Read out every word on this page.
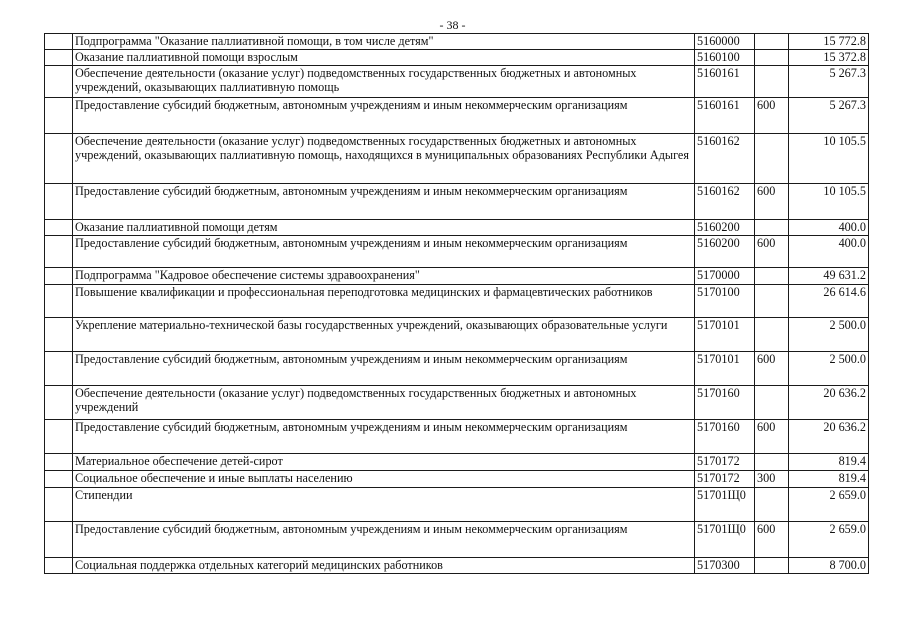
- 38 -
	Подпрограмма "Оказание паллиативной помощи, в том числе детям"	5160000		15 772.8
	Оказание паллиативной помощи взрослым	5160100		15 372.8
	Обеспечение деятельности (оказание услуг) подведомственных государственных бюджетных и автономных учреждений, оказывающих паллиативную помощь	5160161		5 267.3
	Предоставление субсидий бюджетным, автономным учреждениям и иным некоммерческим организациям	5160161	600	5 267.3
	Обеспечение деятельности (оказание услуг) подведомственных государственных бюджетных и автономных учреждений, оказывающих паллиативную помощь, находящихся в муниципальных образованиях Республики Адыгея	5160162		10 105.5
	Предоставление субсидий бюджетным, автономным учреждениям и иным некоммерческим организациям	5160162	600	10 105.5
	Оказание паллиативной помощи детям	5160200		400.0
	Предоставление субсидий бюджетным, автономным учреждениям и иным некоммерческим организациям	5160200	600	400.0
	Подпрограмма "Кадровое обеспечение системы здравоохранения"	5170000		49 631.2
	Повышение квалификации и профессиональная переподготовка медицинских и фармацевтических работников	5170100		26 614.6
	Укрепление материально-технической базы государственных учреждений, оказывающих образовательные услуги	5170101		2 500.0
	Предоставление субсидий бюджетным, автономным учреждениям и иным некоммерческим организациям	5170101	600	2 500.0
	Обеспечение деятельности (оказание услуг) подведомственных государственных бюджетных и автономных учреждений	5170160		20 636.2
	Предоставление субсидий бюджетным, автономным учреждениям и иным некоммерческим организациям	5170160	600	20 636.2
	Материальное обеспечение детей-сирот	5170172		819.4
	Социальное обеспечение и иные выплаты населению	5170172	300	819.4
	Стипендии	51701Щ0		2 659.0
	Предоставление субсидий бюджетным, автономным учреждениям и иным некоммерческим организациям	51701Щ0	600	2 659.0
	Социальная поддержка отдельных категорий медицинских работников	5170300		8 700.0
